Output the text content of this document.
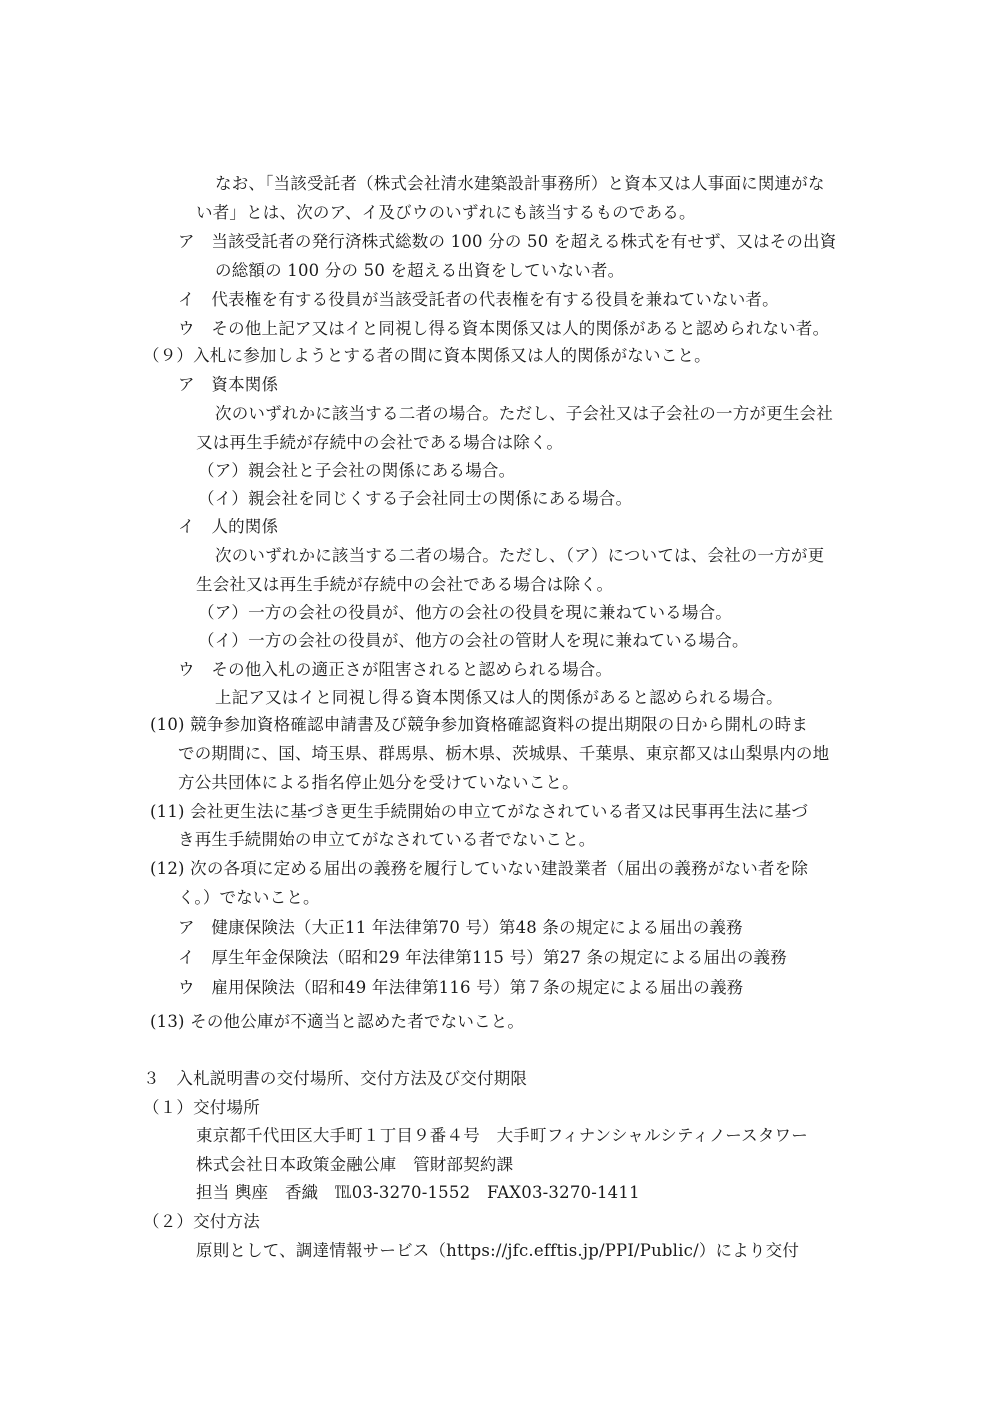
なお、「当該受託者（株式会社清水建築設計事務所）と資本又は人事面に関連がな
い者」とは、次のア、イ及びウのいずれにも該当するものである。
ア　当該受託者の発行済株式総数の 100 分の 50 を超える株式を有せず、又はその出資
の総額の 100 分の 50 を超える出資をしていない者。
イ　代表権を有する役員が当該受託者の代表権を有する役員を兼ねていない者。
ウ　その他上記ア又はイと同視し得る資本関係又は人的関係があると認められない者。
（９）入札に参加しようとする者の間に資本関係又は人的関係がないこと。
ア　資本関係
次のいずれかに該当する二者の場合。ただし、子会社又は子会社の一方が更生会社
又は再生手続が存続中の会社である場合は除く。
（ア）親会社と子会社の関係にある場合。
（イ）親会社を同じくする子会社同士の関係にある場合。
イ　人的関係
次のいずれかに該当する二者の場合。ただし、（ア）については、会社の一方が更
生会社又は再生手続が存続中の会社である場合は除く。
（ア）一方の会社の役員が、他方の会社の役員を現に兼ねている場合。
（イ）一方の会社の役員が、他方の会社の管財人を現に兼ねている場合。
ウ　その他入札の適正さが阻害されると認められる場合。
上記ア又はイと同視し得る資本関係又は人的関係があると認められる場合。
(10) 競争参加資格確認申請書及び競争参加資格確認資料の提出期限の日から開札の時ま
での期間に、国、埼玉県、群馬県、栃木県、茨城県、千葉県、東京都又は山梨県内の地
方公共団体による指名停止処分を受けていないこと。
(11) 会社更生法に基づき更生手続開始の申立てがなされている者又は民事再生法に基づ
き再生手続開始の申立てがなされている者でないこと。
(12) 次の各項に定める届出の義務を履行していない建設業者（届出の義務がない者を除
く。）でないこと。
ア　健康保険法（大正11 年法律第70 号）第48 条の規定による届出の義務
イ　厚生年金保険法（昭和29 年法律第115 号）第27 条の規定による届出の義務
ウ　雇用保険法（昭和49 年法律第116 号）第７条の規定による届出の義務
(13) その他公庫が不適当と認めた者でないこと。
３　入札説明書の交付場所、交付方法及び交付期限
（１）交付場所
東京都千代田区大手町１丁目９番４号　大手町フィナンシャルシティノースタワー
株式会社日本政策金融公庫　管財部契約課
担当 輿座　香織　℡03-3270-1552　FAX03-3270-1411
（２）交付方法
原則として、調達情報サービス（https://jfc.efftis.jp/PPI/Public/）により交付
